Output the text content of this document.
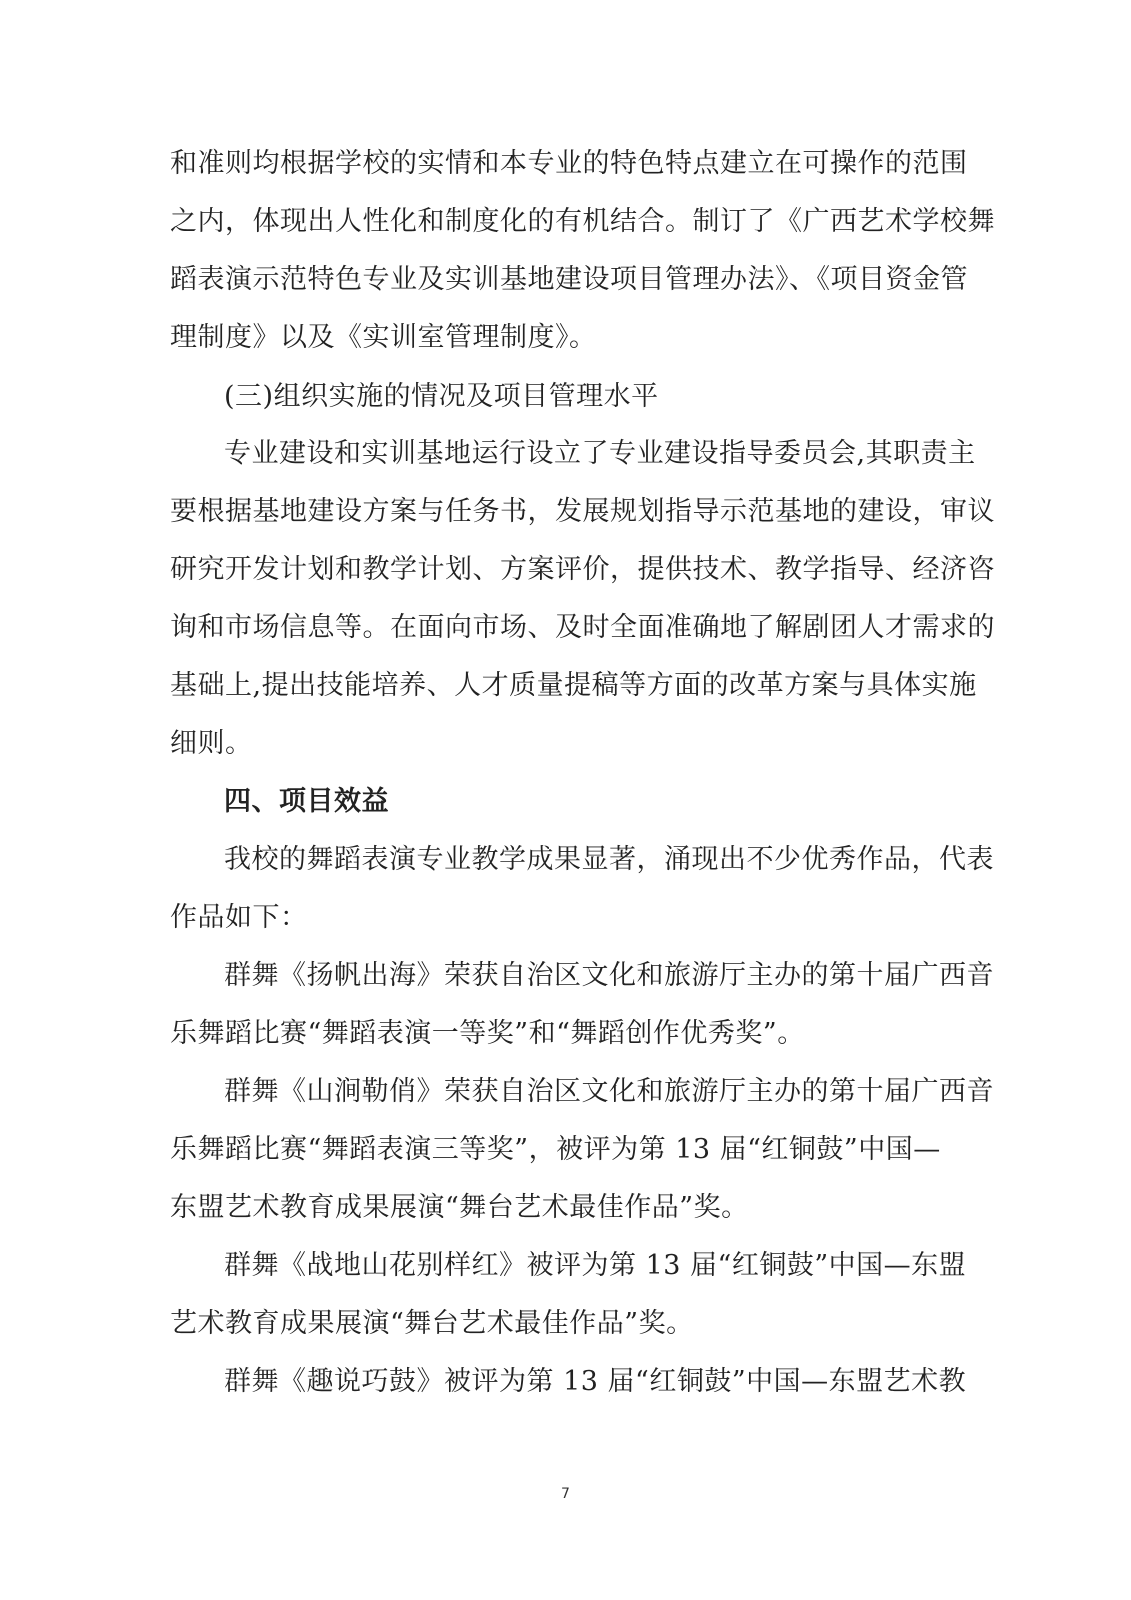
和准则均根据学校的实情和本专业的特色特点建立在可操作的范围
之内，体现出人性化和制度化的有机结合。制订了《广西艺术学校舞
蹈表演示范特色专业及实训基地建设项目管理办法》、《项目资金管
理制度》以及《实训室管理制度》。
(三)组织实施的情况及项目管理水平
专业建设和实训基地运行设立了专业建设指导委员会,其职责主
要根据基地建设方案与任务书，发展规划指导示范基地的建设，审议
研究开发计划和教学计划、方案评价，提供技术、教学指导、经济咨
询和市场信息等。在面向市场、及时全面准确地了解剧团人才需求的
基础上,提出技能培养、人才质量提稿等方面的改革方案与具体实施
细则。
四、项目效益
我校的舞蹈表演专业教学成果显著，涌现出不少优秀作品，代表
作品如下：
群舞《扬帆出海》荣获自治区文化和旅游厅主办的第十届广西音
乐舞蹈比赛“舞蹈表演一等奖”和“舞蹈创作优秀奖”。
群舞《山涧勒俏》荣获自治区文化和旅游厅主办的第十届广西音
乐舞蹈比赛“舞蹈表演三等奖”，被评为第 13 届“红铜鼓”中国—
东盟艺术教育成果展演“舞台艺术最佳作品”奖。
群舞《战地山花别样红》被评为第 13 届“红铜鼓”中国—东盟
艺术教育成果展演“舞台艺术最佳作品”奖。
群舞《趣说巧鼓》被评为第 13 届“红铜鼓”中国—东盟艺术教
7
